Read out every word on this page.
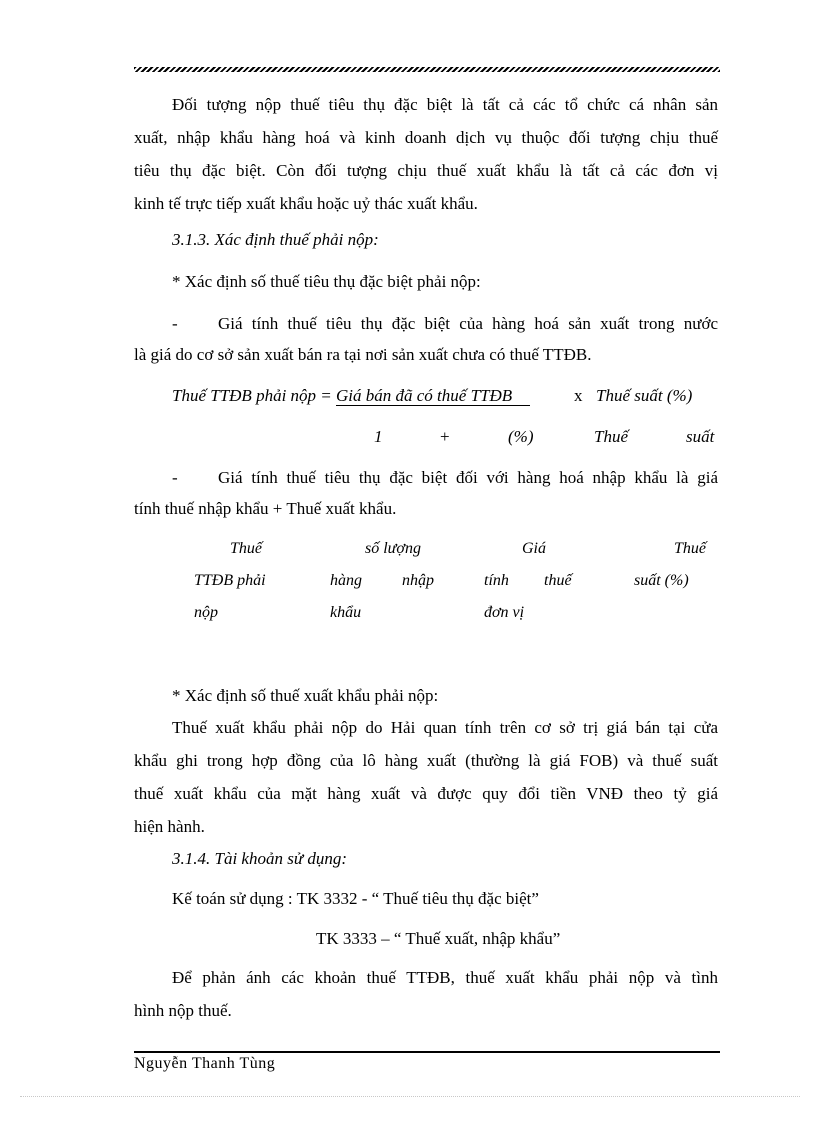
Đối tượng nộp thuế tiêu thụ đặc biệt là tất cả các tổ chức cá nhân sản
xuất, nhập khẩu hàng hoá và kinh doanh dịch vụ thuộc đối tượng chịu thuế
tiêu thụ đặc biệt. Còn đối tượng chịu thuế xuất khẩu là tất cả các đơn vị
kinh tế trực tiếp xuất khẩu hoặc uỷ thác xuất khẩu.
3.1.3. Xác định thuế phải nộp:
* Xác định số thuế tiêu thụ đặc biệt phải nộp:
- Giá tính thuế tiêu thụ đặc biệt của hàng hoá sản xuất trong nước
là giá do cơ sở sản xuất bán ra tại nơi sản xuất chưa có thuế TTĐB.
Thuế TTĐB phải nộp = Giá bán đã có thuế TTĐB	x Thuế suất (%)
1	+	(%)	Thuế	suất
- Giá tính thuế tiêu thụ đặc biệt đối với hàng hoá nhập khẩu là giá
tính thuế nhập khẩu + Thuế xuất khẩu.
Thuế
TTĐB phải
nộp
số lượng
hàng	nhập
khẩu
Giá
tính thuế
đơn vị
Thuế
suất (%)
* Xác định số thuế xuất khẩu phải nộp:
Thuế xuất khẩu phải nộp do Hải quan tính trên cơ sở trị giá bán tại cửa
khẩu ghi trong hợp đồng của lô hàng xuất (thường là giá FOB) và thuế suất
thuế xuất khẩu của mặt hàng xuất và được quy đổi tiền VNĐ theo tỷ giá
hiện hành.
3.1.4. Tài khoản sử dụng:
Kế toán sử dụng : TK 3332 - “ Thuế tiêu thụ đặc biệt”
TK 3333 – “ Thuế xuất, nhập khẩu”
Để phản ánh các khoản thuế TTĐB, thuế xuất khẩu phải nộp và tình
hình nộp thuế.
Nguyễn Thanh Tùng
